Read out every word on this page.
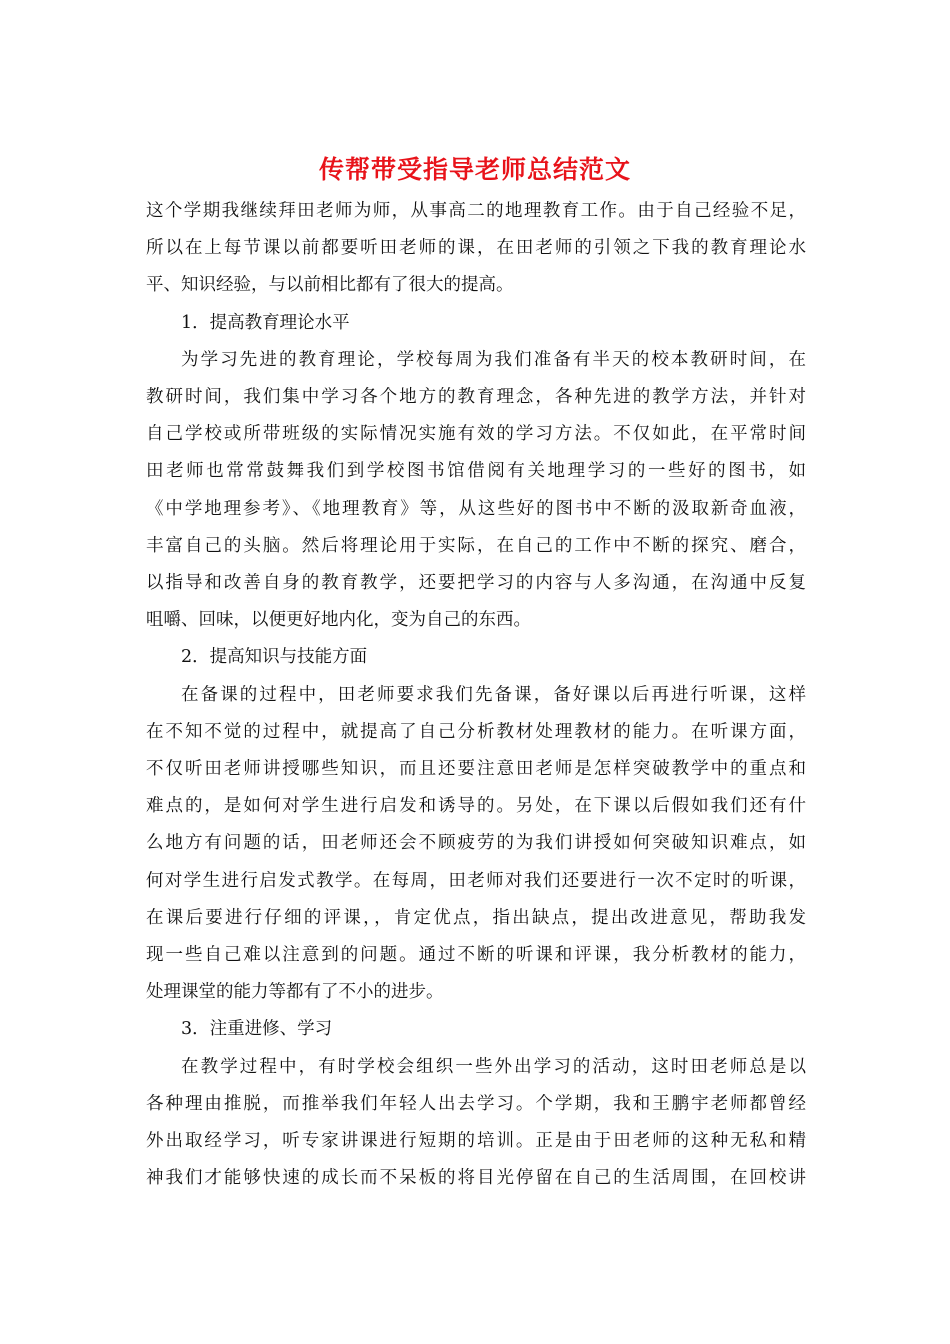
传帮带受指导老师总结范文

这个学期我继续拜田老师为师，从事高二的地理教育工作。由于自己经验不足，
所以在上每节课以前都要听田老师的课，在田老师的引领之下我的教育理论水
平、知识经验，与以前相比都有了很大的提高。

1．提高教育理论水平

为学习先进的教育理论，学校每周为我们准备有半天的校本教研时间，在
教研时间，我们集中学习各个地方的教育理念，各种先进的教学方法，并针对
自己学校或所带班级的实际情况实施有效的学习方法。不仅如此，在平常时间
田老师也常常鼓舞我们到学校图书馆借阅有关地理学习的一些好的图书，如
《中学地理参考》、《地理教育》等，从这些好的图书中不断的汲取新奇血液，
丰富自己的头脑。然后将理论用于实际，在自己的工作中不断的探究、磨合，
以指导和改善自身的教育教学，还要把学习的内容与人多沟通，在沟通中反复
咀嚼、回味，以便更好地内化，变为自己的东西。

2．提高知识与技能方面

在备课的过程中，田老师要求我们先备课，备好课以后再进行听课，这样
在不知不觉的过程中，就提高了自己分析教材处理教材的能力。在听课方面，
不仅听田老师讲授哪些知识，而且还要注意田老师是怎样突破教学中的重点和
难点的，是如何对学生进行启发和诱导的。另处，在下课以后假如我们还有什
么地方有问题的话，田老师还会不顾疲劳的为我们讲授如何突破知识难点，如
何对学生进行启发式教学。在每周，田老师对我们还要进行一次不定时的听课，
在课后要进行仔细的评课，，肯定优点，指出缺点，提出改进意见，帮助我发
现一些自己难以注意到的问题。通过不断的听课和评课，我分析教材的能力，
处理课堂的能力等都有了不小的进步。

3．注重进修、学习

在教学过程中，有时学校会组织一些外出学习的活动，这时田老师总是以
各种理由推脱，而推举我们年轻人出去学习。个学期，我和王鹏宇老师都曾经
外出取经学习，听专家讲课进行短期的培训。正是由于田老师的这种无私和精
神我们才能够快速的成长而不呆板的将目光停留在自己的生活周围，在回校讲
